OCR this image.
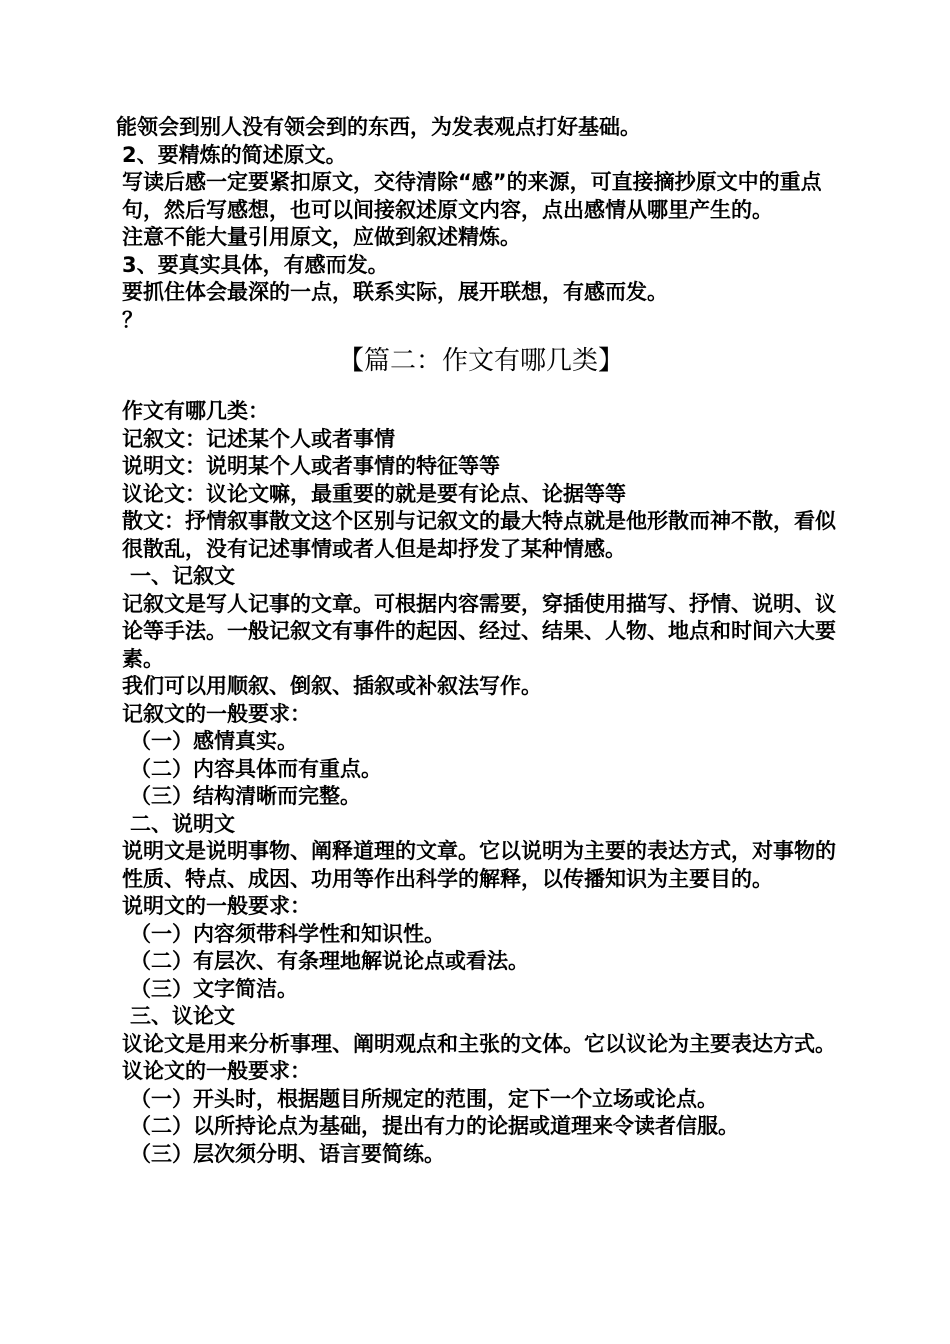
能领会到别人没有领会到的东西，为发表观点打好基础。

2、要精炼的简述原文。

写读后感一定要紧扣原文，交待清除“感”的来源，可直接摘抄原文中的重点句，然后写感想，也可以间接叙述原文内容，点出感情从哪里产生的。

注意不能大量引用原文，应做到叙述精炼。

3、要真实具体，有感而发。

要抓住体会最深的一点，联系实际，展开联想，有感而发。

？

【篇二：作文有哪几类】

作文有哪几类：

记叙文：记述某个人或者事情

说明文：说明某个人或者事情的特征等等

议论文：议论文嘛，最重要的就是要有论点、论据等等

散文：抒情叙事散文这个区别与记叙文的最大特点就是他形散而神不散，看似很散乱，没有记述事情或者人但是却抒发了某种情感。

一、记叙文

记叙文是写人记事的文章。可根据内容需要，穿插使用描写、抒情、说明、议论等手法。一般记叙文有事件的起因、经过、结果、人物、地点和时间六大要素。

我们可以用顺叙、倒叙、插叙或补叙法写作。

记叙文的一般要求：

（一）感情真实。

（二）内容具体而有重点。

（三）结构清晰而完整。

二、说明文

说明文是说明事物、阐释道理的文章。它以说明为主要的表达方式，对事物的性质、特点、成因、功用等作出科学的解释，以传播知识为主要目的。

说明文的一般要求：

（一）内容须带科学性和知识性。

（二）有层次、有条理地解说论点或看法。

（三）文字简洁。

三、议论文

议论文是用来分析事理、阐明观点和主张的文体。它以议论为主要表达方式。 议论文的一般要求：

（一）开头时，根据题目所规定的范围，定下一个立场或论点。

（二）以所持论点为基础，提出有力的论据或道理来令读者信服。

（三）层次须分明、语言要简练。
